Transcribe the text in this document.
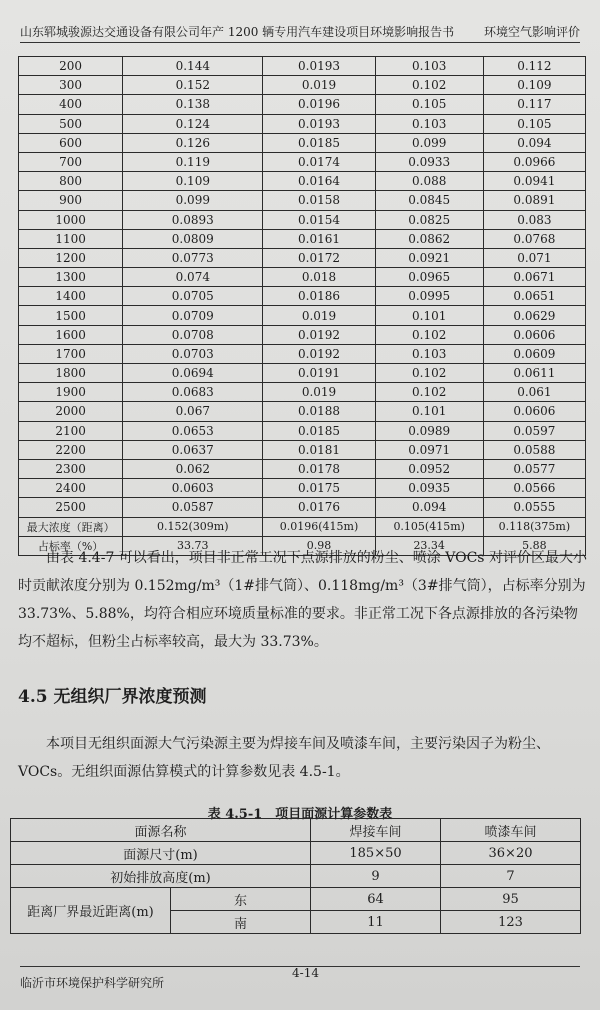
山东郓城骏源达交通设备有限公司年产 1200 辆专用汽车建设项目环境影响报告书 环境空气影响评价
200	0.144	0.0193	0.103	0.112
300	0.152	0.019	0.102	0.109
400	0.138	0.0196	0.105	0.117
500	0.124	0.0193	0.103	0.105
600	0.126	0.0185	0.099	0.094
700	0.119	0.0174	0.0933	0.0966
800	0.109	0.0164	0.088	0.0941
900	0.099	0.0158	0.0845	0.0891
1000	0.0893	0.0154	0.0825	0.083
1100	0.0809	0.0161	0.0862	0.0768
1200	0.0773	0.0172	0.0921	0.071
1300	0.074	0.018	0.0965	0.0671
1400	0.0705	0.0186	0.0995	0.0651
1500	0.0709	0.019	0.101	0.0629
1600	0.0708	0.0192	0.102	0.0606
1700	0.0703	0.0192	0.103	0.0609
1800	0.0694	0.0191	0.102	0.0611
1900	0.0683	0.019	0.102	0.061
2000	0.067	0.0188	0.101	0.0606
2100	0.0653	0.0185	0.0989	0.0597
2200	0.0637	0.0181	0.0971	0.0588
2300	0.062	0.0178	0.0952	0.0577
2400	0.0603	0.0175	0.0935	0.0566
2500	0.0587	0.0176	0.094	0.0555
最大浓度（距离）	0.152(309m)	0.0196(415m)	0.105(415m)	0.118(375m)
占标率（%）	33.73	0.98	23.34	5.88

由表 4.4-7 可以看出，项目非正常工况下点源排放的粉尘、喷涂 VOCs 对评价区最大小时贡献浓度分别为 0.152mg/m³（1#排气筒）、0.118mg/m³（3#排气筒），占标率分别为 33.73%、5.88%，均符合相应环境质量标准的要求。非正常工况下各点源排放的各污染物均不超标，但粉尘占标率较高，最大为 33.73%。

4.5 无组织厂界浓度预测

本项目无组织面源大气污染源主要为焊接车间及喷漆车间，主要污染因子为粉尘、VOCs。无组织面源估算模式的计算参数见表 4.5-1。

表 4.5-1　项目面源计算参数表
面源名称		焊接车间	喷漆车间
面源尺寸(m)		185×50	36×20
初始排放高度(m)		9	7
距离厂界最近距离(m)	东	64	95
	南	11	123
临沂市环境保护科学研究所
4-14
